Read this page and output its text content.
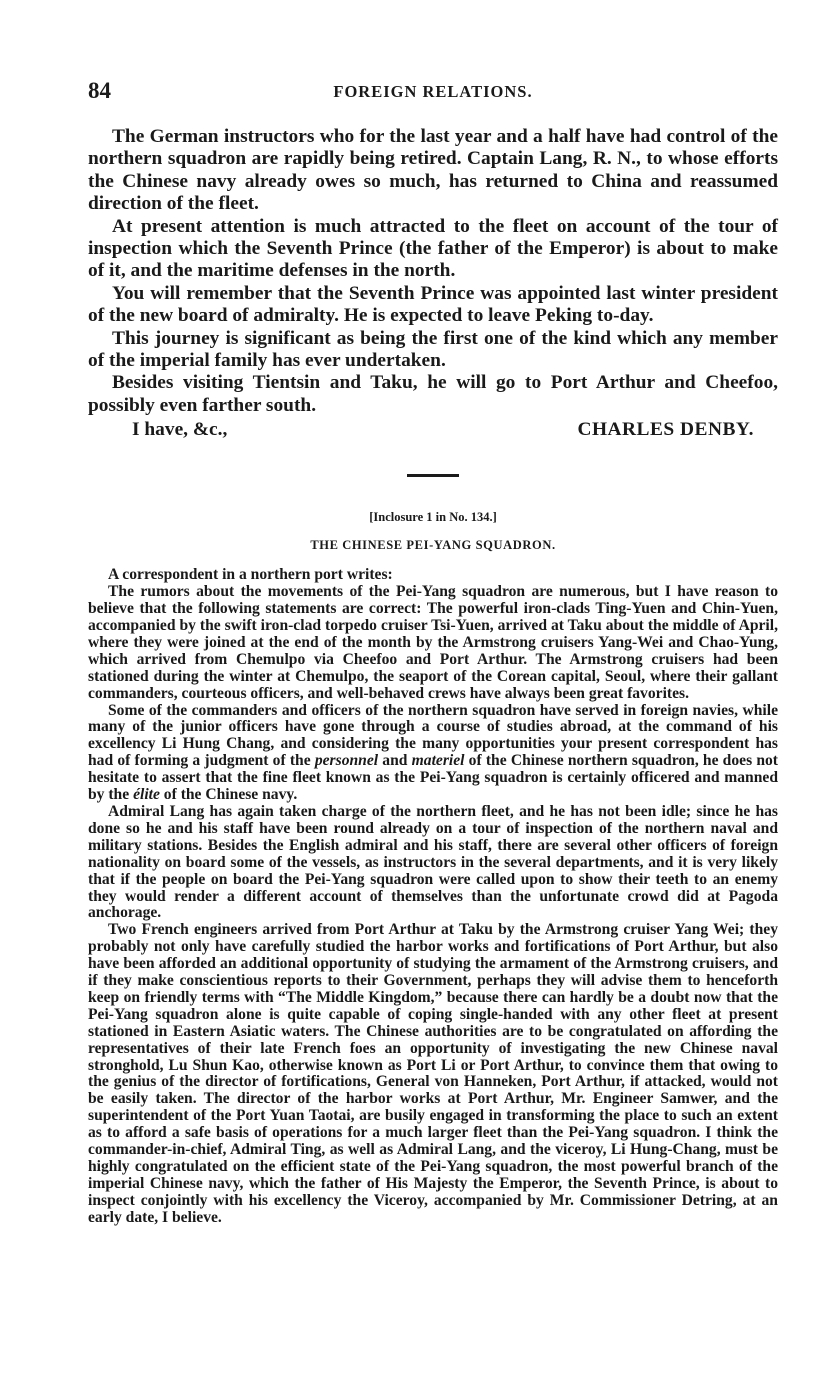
84	FOREIGN RELATIONS.

The German instructors who for the last year and a half have had control of the northern squadron are rapidly being retired. Captain Lang, R. N., to whose efforts the Chinese navy already owes so much, has returned to China and reassumed direction of the fleet.

At present attention is much attracted to the fleet on account of the tour of inspection which the Seventh Prince (the father of the Emperor) is about to make of it, and the maritime defenses in the north.

You will remember that the Seventh Prince was appointed last winter president of the new board of admiralty. He is expected to leave Peking to-day.

This journey is significant as being the first one of the kind which any member of the imperial family has ever undertaken.

Besides visiting Tientsin and Taku, he will go to Port Arthur and Cheefoo, possibly even farther south.

I have, &c.,	CHARLES DENBY.
[Inclosure 1 in No. 134.]
THE CHINESE PEI-YANG SQUADRON.

A correspondent in a northern port writes:

The rumors about the movements of the Pei-Yang squadron are numerous, but I have reason to believe that the following statements are correct: The powerful iron-clads Ting-Yuen and Chin-Yuen, accompanied by the swift iron-clad torpedo cruiser Tsi-Yuen, arrived at Taku about the middle of April, where they were joined at the end of the month by the Armstrong cruisers Yang-Wei and Chao-Yung, which arrived from Chemulpo via Cheefoo and Port Arthur. The Armstrong cruisers had been stationed during the winter at Chemulpo, the seaport of the Corean capital, Seoul, where their gallant commanders, courteous officers, and well-behaved crews have always been great favorites.

Some of the commanders and officers of the northern squadron have served in foreign navies, while many of the junior officers have gone through a course of studies abroad, at the command of his excellency Li Hung Chang, and considering the many opportunities your present correspondent has had of forming a judgment of the personnel and materiel of the Chinese northern squadron, he does not hesitate to assert that the fine fleet known as the Pei-Yang squadron is certainly officered and manned by the élite of the Chinese navy.

Admiral Lang has again taken charge of the northern fleet, and he has not been idle; since he has done so he and his staff have been round already on a tour of inspection of the northern naval and military stations. Besides the English admiral and his staff, there are several other officers of foreign nationality on board some of the vessels, as instructors in the several departments, and it is very likely that if the people on board the Pei-Yang squadron were called upon to show their teeth to an enemy they would render a different account of themselves than the unfortunate crowd did at Pagoda anchorage.

Two French engineers arrived from Port Arthur at Taku by the Armstrong cruiser Yang Wei; they probably not only have carefully studied the harbor works and fortifications of Port Arthur, but also have been afforded an additional opportunity of studying the armament of the Armstrong cruisers, and if they make conscientious reports to their Government, perhaps they will advise them to henceforth keep on friendly terms with “The Middle Kingdom,” because there can hardly be a doubt now that the Pei-Yang squadron alone is quite capable of coping single-handed with any other fleet at present stationed in Eastern Asiatic waters. The Chinese authorities are to be congratulated on affording the representatives of their late French foes an opportunity of investigating the new Chinese naval stronghold, Lu Shun Kao, otherwise known as Port Li or Port Arthur, to convince them that owing to the genius of the director of fortifications, General von Hanneken, Port Arthur, if attacked, would not be easily taken. The director of the harbor works at Port Arthur, Mr. Engineer Samwer, and the superintendent of the Port Yuan Taotai, are busily engaged in transforming the place to such an extent as to afford a safe basis of operations for a much larger fleet than the Pei-Yang squadron. I think the commander-in-chief, Admiral Ting, as well as Admiral Lang, and the viceroy, Li Hung-Chang, must be highly congratulated on the efficient state of the Pei-Yang squadron, the most powerful branch of the imperial Chinese navy, which the father of His Majesty the Emperor, the Seventh Prince, is about to inspect conjointly with his excellency the Viceroy, accompanied by Mr. Commissioner Detring, at an early date, I believe.
